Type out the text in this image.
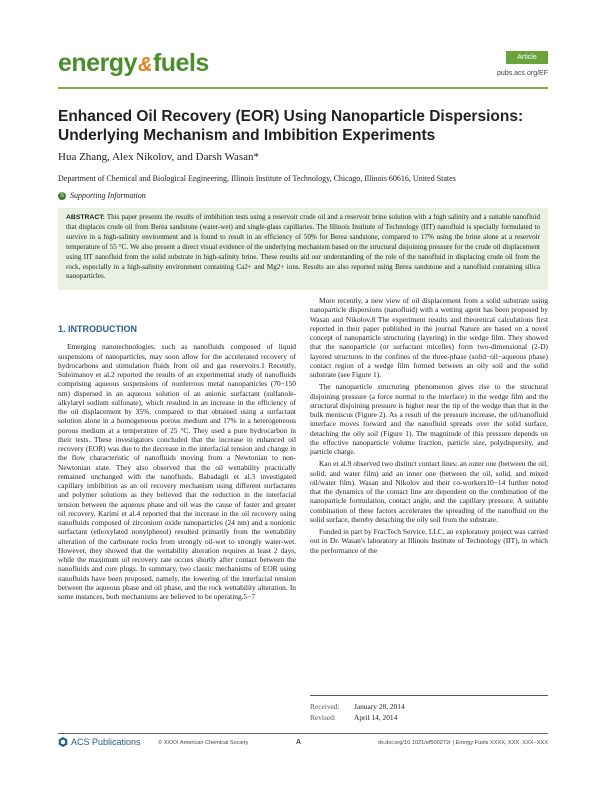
energy&fuels	Article
pubs.acs.org/EF
Enhanced Oil Recovery (EOR) Using Nanoparticle Dispersions: Underlying Mechanism and Imbibition Experiments
Hua Zhang, Alex Nikolov, and Darsh Wasan*
Department of Chemical and Biological Engineering, Illinois Institute of Technology, Chicago, Illinois 60616, United States
S Supporting Information
ABSTRACT: This paper presents the results of imbibition tests using a reservoir crude oil and a reservoir brine solution with a high salinity and a suitable nanofluid that displaces crude oil from Berea sandstone (water-wet) and single-glass capillaries. The Illinois Institute of Technology (IIT) nanofluid is specially formulated to survive in a high-salinity environment and is found to result in an efficiency of 50% for Berea sandstone, compared to 17% using the brine alone at a reservoir temperature of 55 °C. We also present a direct visual evidence of the underlying mechanism based on the structural disjoining pressure for the crude oil displacement using IIT nanofluid from the solid substrate in high-salinity brine. These results aid our understanding of the role of the nanofluid in displacing crude oil from the rock, especially in a high-salinity environment containing Ca2+ and Mg2+ ions. Results are also reported using Berea sandstone and a nanofluid containing silica nanoparticles.
1. INTRODUCTION

Emerging nanotechnologies, such as nanofluids composed of liquid suspensions of nanoparticles, may soon allow for the accelerated recovery of hydrocarbons and stimulation fluids from oil and gas reservoirs.1 Recently, Suleimanov et al.2 reported the results of an experimental study of nanofluids comprising aqueous suspensions of nonferrous metal nanoparticles (70−150 nm) dispersed in an aqueous solution of an anionic surfactant (sulfanole-alkylaryl sodium sulfonate), which resulted in an increase in the efficiency of the oil displacement by 35%, compared to that obtained using a surfactant solution alone in a homogeneous porous medium and 17% in a heterogeneous porous medium at a temperature of 25 °C. They used a pure hydrocarbon in their tests. These investigators concluded that the increase in enhanced oil recovery (EOR) was due to the decrease in the interfacial tension and change in the flow characteristic of nanofluids moving from a Newtonian to non-Newtonian state. They also observed that the oil wettability practically remained unchanged with the nanofluids. Babadagli et al.3 investigated capillary imbibition as an oil recovery mechanism using different surfactants and polymer solutions as they believed that the reduction in the interfacial tension between the aqueous phase and oil was the cause of faster and greater oil recovery. Karimi et al.4 reported that the increase in the oil recovery using nanofluids composed of zirconium oxide nanoparticles (24 nm) and a nonionic surfactant (ethoxylated nonylphenol) resulted primarily from the wettability alteration of the carbonate rocks from strongly oil-wet to strongly water-wet. However, they showed that the wettability alteration requires at least 2 days, while the maximum oil recovery rate occurs shortly after contact between the nanofluids and core plugs. In summary, two classic mechanisms of EOR using nanofluids have been proposed, namely, the lowering of the interfacial tension between the aqueous phase and oil phase, and the rock wettability alteration. In some instances, both mechanisms are believed to be operating.5−7

More recently, a new view of oil displacement from a solid substrate using nanoparticle dispersions (nanofluid) with a wetting agent has been proposed by Wasan and Nikolov.8 The experiment results and theoretical calculations first reported in their paper published in the journal Nature are based on a novel concept of nanoparticle structuring (layering) in the wedge film. They showed that the nanoparticle (or surfactant micelles) form two-dimensional (2-D) layered structures in the confines of the three-phase (solid−oil−aqueous phase) contact region of a wedge film formed between an oily soil and the solid substrate (see Figure 1).

The nanoparticle structuring phenomenon gives rise to the structural disjoining pressure (a force normal to the interface) in the wedge film and the structural disjoining pressure is higher near the tip of the wedge than that in the bulk meniscus (Figure 2). As a result of the pressure increase, the oil/nanofluid interface moves forward and the nanofluid spreads over the solid surface, detaching the oily soil (Figure 1). The magnitude of this pressure depends on the effective nanoparticle volume fraction, particle size, polydispersity, and particle charge.

Kao et al.9 observed two distinct contact lines: an outer one (between the oil, solid, and water film) and an inner one (between the oil, solid, and mixed oil/water film). Wasan and Nikolov and their co-workers10−14 further noted that the dynamics of the contact line are dependent on the combination of the nanoparticle formulation, contact angle, and the capillary pressure. A suitable combination of these factors accelerates the spreading of the nanofluid on the solid surface, thereby detaching the oily soil from the substrate.

Funded in part by FracTech Service, LLC, an exploratory project was carried out in Dr. Wasan's laboratory at Illinois Institute of Technology (IIT), in which the performance of the

Received:	January 28, 2014
Revised:	April 14, 2014
ACS Publications	© XXXX American Chemical Society	A	dx.doi.org/10.1021/ef500272r | Energy Fuels XXXX, XXX, XXX−XXX
